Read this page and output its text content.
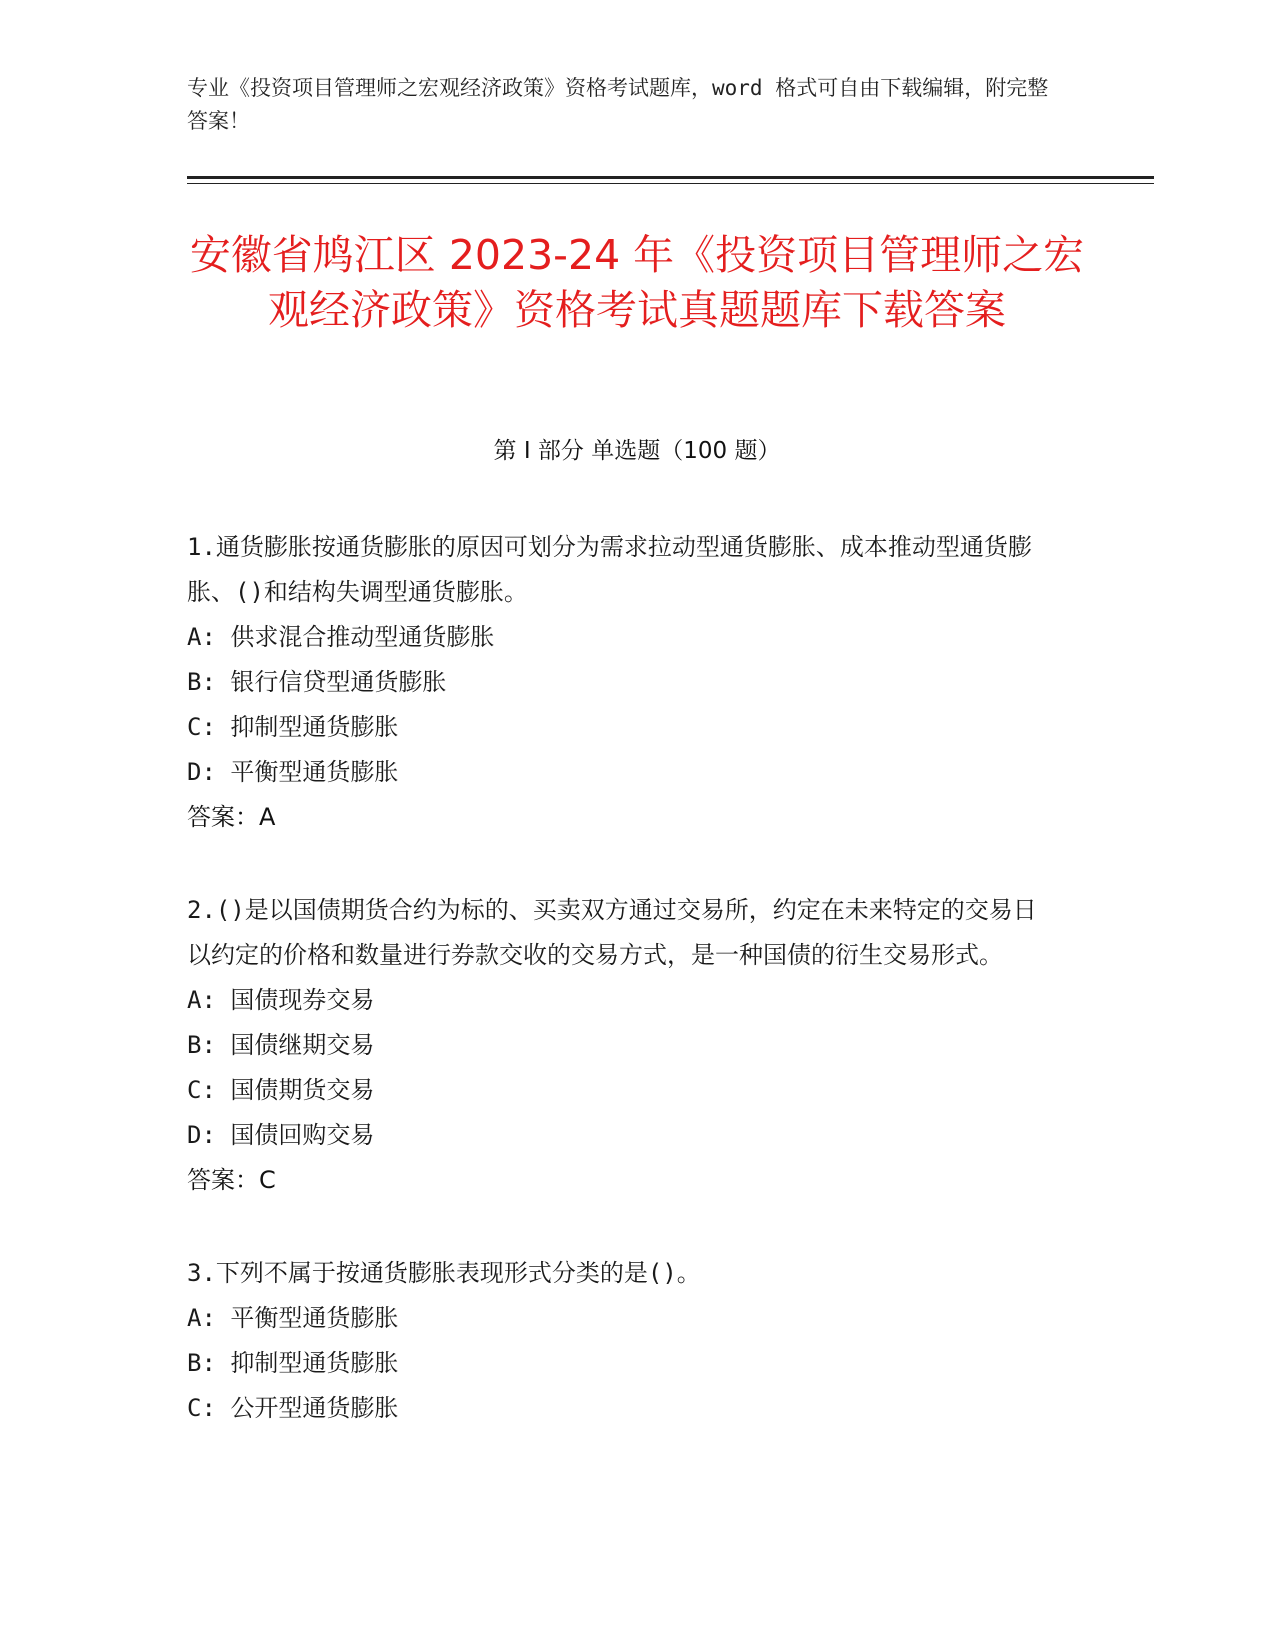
专业《投资项目管理师之宏观经济政策》资格考试题库，word 格式可自由下载编辑，附完整答案！
安徽省鸠江区 2023-24 年《投资项目管理师之宏观经济政策》资格考试真题题库下载答案
第 I 部分 单选题（100 题）

1.通货膨胀按通货膨胀的原因可划分为需求拉动型通货膨胀、成本推动型通货膨胀、()和结构失调型通货膨胀。

A: 供求混合推动型通货膨胀

B: 银行信贷型通货膨胀

C: 抑制型通货膨胀

D: 平衡型通货膨胀

答案：A

2.()是以国债期货合约为标的、买卖双方通过交易所，约定在未来特定的交易日以约定的价格和数量进行券款交收的交易方式，是一种国债的衍生交易形式。

A: 国债现券交易

B: 国债继期交易

C: 国债期货交易

D: 国债回购交易

答案：C

3.下列不属于按通货膨胀表现形式分类的是()。

A: 平衡型通货膨胀

B: 抑制型通货膨胀

C: 公开型通货膨胀
